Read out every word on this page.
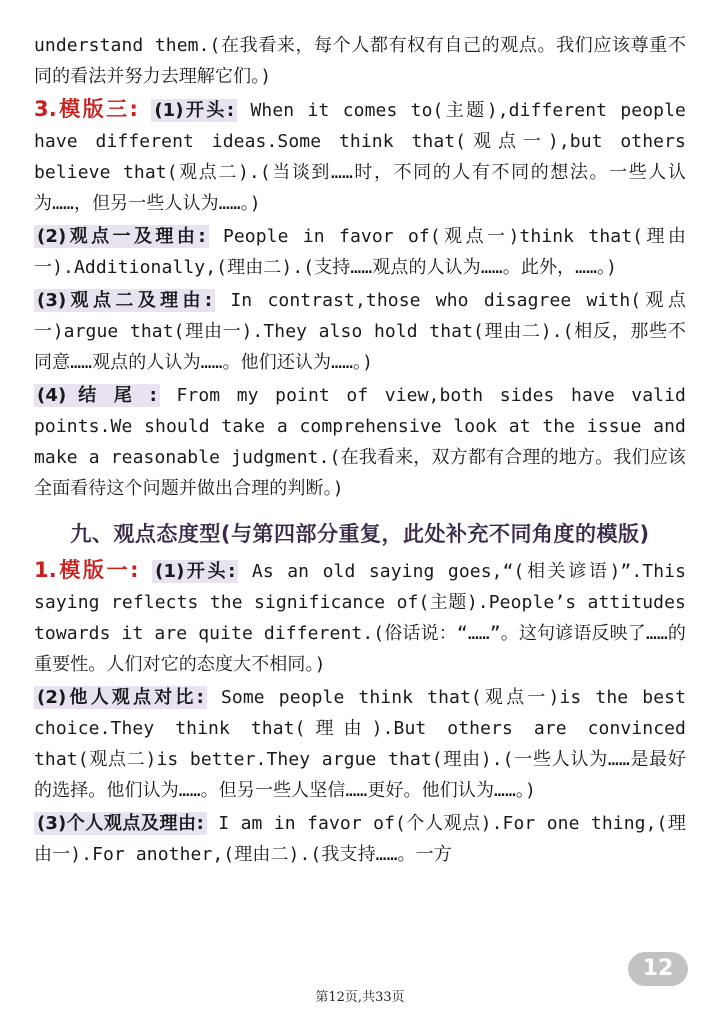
understand them.(在我看来，每个人都有权有自己的观点。我们应该尊重不同的看法并努力去理解它们。)

3.模版三: (1)开头: When it comes to(主题),different people have different ideas.Some think that(观点一),but others believe that(观点二).(当谈到……时，不同的人有不同的想法。一些人认为……，但另一些人认为……。)

(2)观点一及理由: People in favor of(观点一)think that(理由一).Additionally,(理由二).(支持……观点的人认为……。此外，……。)

(3)观点二及理由: In contrast,those who disagree with(观点一)argue that(理由一).They also hold that(理由二).(相反，那些不同意……观点的人认为……。他们还认为……。)

(4) 结 尾 : From my point of view,both sides have valid points.We should take a comprehensive look at the issue and make a reasonable judgment.(在我看来，双方都有合理的地方。我们应该全面看待这个问题并做出合理的判断。)

九、观点态度型(与第四部分重复，此处补充不同角度的模版)

1.模版一: (1)开头: As an old saying goes,“(相关谚语)”.This saying reflects the significance of(主题).People’s attitudes towards it are quite different.(俗话说：“……”。这句谚语反映了……的重要性。人们对它的态度大不相同。)

(2)他人观点对比: Some people think that(观点一)is the best choice.They think that(理由).But others are convinced that(观点二)is better.They argue that(理由).(一些人认为……是最好的选择。他们认为……。但另一些人坚信……更好。他们认为……。)

(3)个人观点及理由: I am in favor of(个人观点).For one thing,(理由一).For another,(理由二).(我支持……。一方

12
第12页,共33页
